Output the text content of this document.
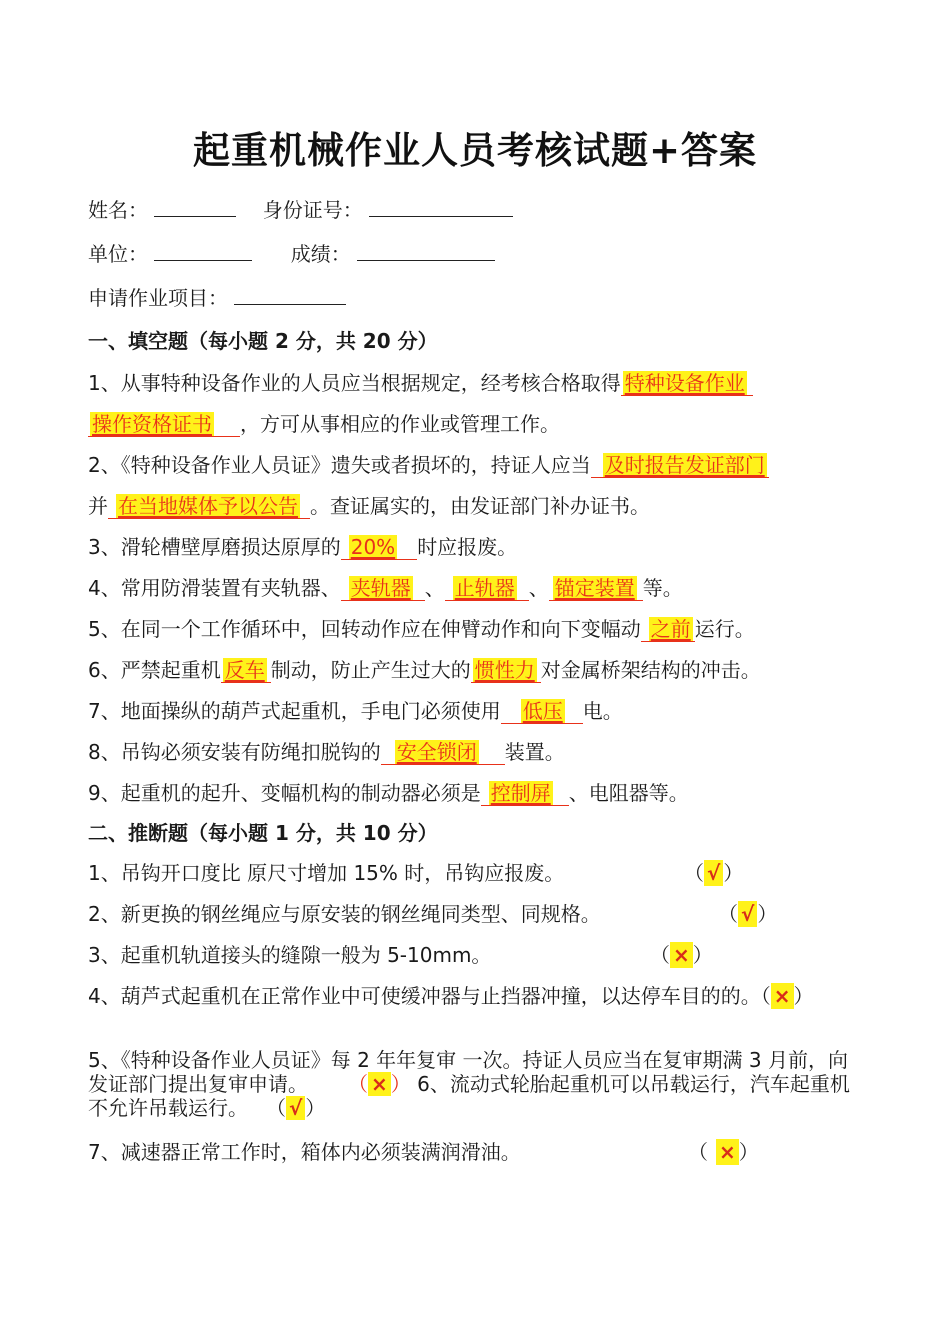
起重机械作业人员考核试题+答案
姓名：	身份证号：
单位：	成绩：
申请作业项目：
一、填空题（每小题 2 分，共 20 分）
1、从事特种设备作业的人员应当根据规定，经考核合格取得 特种设备作业
操作资格证书 ，方可从事相应的作业或管理工作。
2、《特种设备作业人员证》遗失或者损坏的，持证人应当 及时报告发证部门
并 在当地媒体予以公告 。查证属实的，由发证部门补办证书。
3、滑轮槽壁厚磨损达原厚的 20% 时应报废。
4、常用防滑装置有夹轨器、 夹轨器 、 止轨器 、 锚定装置 等。
5、在同一个工作循环中，回转动作应在伸臂动作和向下变幅动 之前 运行。
6、严禁起重机 反车 制动，防止产生过大的 惯性力 对金属桥架结构的冲击。
7、地面操纵的葫芦式起重机，手电门必须使用 低压 电。
8、吊钩必须安装有防绳扣脱钩的 安全锁闭 装置。
9、起重机的起升、变幅机构的制动器必须是 控制屏 、电阻器等。
二、推断题（每小题 1 分，共 10 分）
1、吊钩开口度比 原尺寸增加 15% 时，吊钩应报废。	（ √ ）
2、新更换的钢丝绳应与原安装的钢丝绳同类型、同规格。	（ √ ）
3、起重机轨道接头的缝隙一般为 5-10mm。	（ × ）
4、葫芦式起重机在正常作业中可使缓冲器与止挡器冲撞，以达停车目的的。（ × ）
5、《特种设备作业人员证》每 2 年年复审 一次。持证人员应当在复审期满 3 月前，向发证部门提出复审申请。 （ × ） 6、流动式轮胎起重机可以吊载运行，汽车起重机不允许吊载运行。 （ √ ）
7、减速器正常工作时，箱体内必须装满润滑油。	（ × ）
